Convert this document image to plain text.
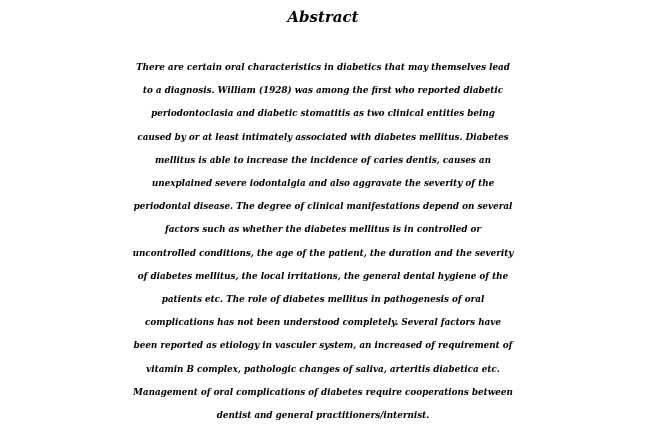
Abstract
There are certain oral characteristics in diabetics that may themselves lead
to a diagnosis. William (1928) was among the first who reported diabetic
periodontoclasia and diabetic stomatitis as two clinical entities being
caused by or at least intimately associated with diabetes mellitus. Diabetes
mellitus is able to increase the incidence of caries dentis, causes an
unexplained severe iodontalgia and also aggravate the severity of the
periodontal disease. The degree of clinical manifestations depend on several
factors such as whether the diabetes mellitus is in controlled or
uncontrolled conditions, the age of the patient, the duration and the severity
of diabetes mellitus, the local irritations, the general dental hygiene of the
patients etc. The role of diabetes mellitus in pathogenesis of oral
complications has not been understood completely. Several factors have
been reported as etiology in vasculer system, an increased of requirement of
vitamin B complex, pathologic changes of saliva, arteritis diabetica etc.
Management of oral complications of diabetes require cooperations between
dentist and general practitioners/internist.
